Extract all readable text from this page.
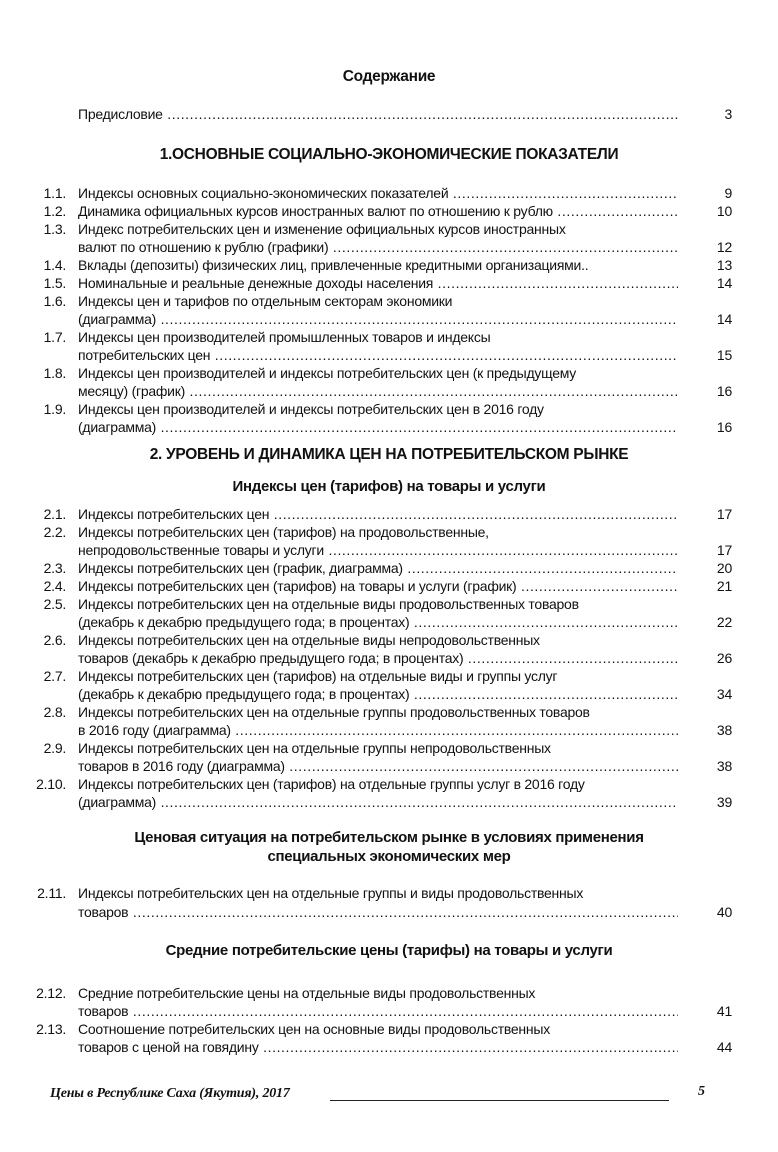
Содержание
Предисловие .....	3
1.ОСНОВНЫЕ СОЦИАЛЬНО-ЭКОНОМИЧЕСКИЕ ПОКАЗАТЕЛИ
1.1. Индексы основных социально-экономических показателей .....	9
1.2. Динамика официальных курсов иностранных валют по отношению к рублю .....	10
1.3. Индекс потребительских цен и изменение официальных курсов иностранных
валют по отношению к рублю (графики) .....	12
1.4. Вклады (депозиты) физических лиц, привлеченные кредитными организациями..	13
1.5. Номинальные и реальные денежные доходы населения .....	14
1.6. Индексы цен и тарифов по отдельным секторам экономики
(диаграмма) .....	14
1.7. Индексы цен производителей промышленных товаров и индексы
потребительских цен .....	15
1.8. Индексы цен производителей и индексы потребительских цен (к предыдущему
месяцу) (график) .....	16
1.9. Индексы цен производителей и индексы потребительских цен в 2016 году
(диаграмма) .....	16
2. УРОВЕНЬ И ДИНАМИКА ЦЕН НА ПОТРЕБИТЕЛЬСКОМ РЫНКЕ
Индексы цен (тарифов) на товары и услуги
2.1. Индексы потребительских цен .....	17
2.2. Индексы потребительских цен (тарифов) на продовольственные,
непродовольственные товары и услуги .....	17
2.3. Индексы потребительских цен (график, диаграмма) .....	20
2.4. Индексы потребительских цен (тарифов) на товары и услуги (график) .....	21
2.5. Индексы потребительских цен на отдельные виды продовольственных товаров
(декабрь к декабрю предыдущего года; в процентах) .....	22
2.6. Индексы потребительских цен на отдельные виды непродовольственных
товаров (декабрь к декабрю предыдущего года; в процентах) .....	26
2.7. Индексы потребительских цен (тарифов) на отдельные виды и группы услуг
(декабрь к декабрю предыдущего года; в процентах) .....	34
2.8. Индексы потребительских цен на отдельные группы продовольственных товаров
в 2016 году (диаграмма) .....	38
2.9. Индексы потребительских цен на отдельные группы непродовольственных
товаров в 2016 году (диаграмма) .....	38
2.10. Индексы потребительских цен (тарифов) на отдельные группы услуг в 2016 году
(диаграмма) .....	39
Ценовая ситуация на потребительском рынке в условиях применения
специальных экономических мер
2.11. Индексы потребительских цен на отдельные группы и виды продовольственных
товаров .....	40
Средние потребительские цены (тарифы) на товары и услуги
2.12. Средние потребительские цены на отдельные виды продовольственных
товаров .....	41
2.13. Соотношение потребительских цен на основные виды продовольственных
товаров с ценой на говядину .....	44
Цены в Республике Саха (Якутия), 2017	5
